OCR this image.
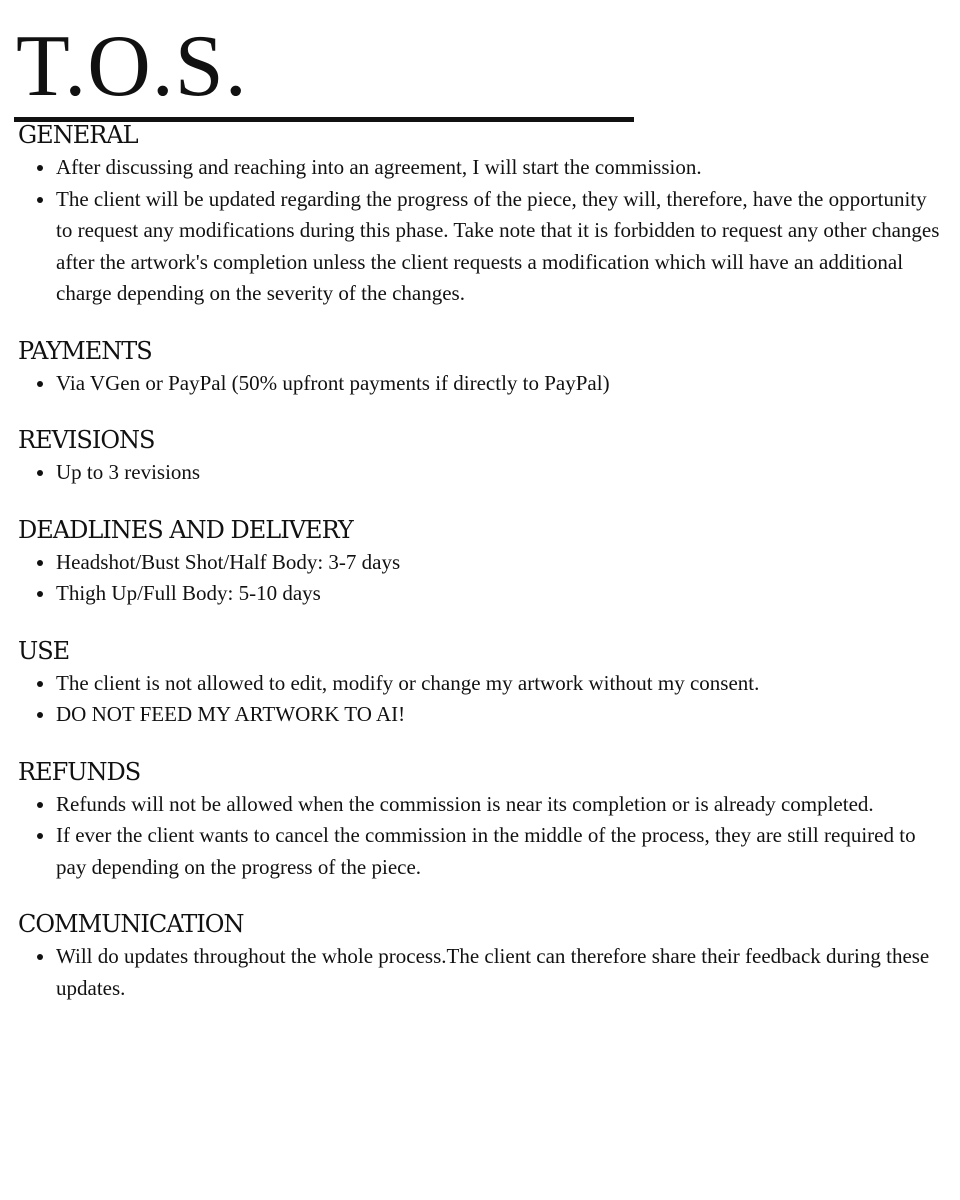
T.O.S.
GENERAL
After discussing and reaching into an agreement, I will start the commission.
The client will be updated regarding the progress of the piece, they will, therefore, have the opportunity to request any modifications during this phase. Take note that it is forbidden to request any other changes after the artwork's completion unless the client requests a modification which will have an additional charge depending on the severity of the changes.
PAYMENTS
Via VGen or PayPal (50% upfront payments if directly to PayPal)
REVISIONS
Up to 3 revisions
DEADLINES AND DELIVERY
Headshot/Bust Shot/Half Body: 3-7 days
Thigh Up/Full Body: 5-10 days
USE
The client is not allowed to edit, modify or change my artwork without my consent.
DO NOT FEED MY ARTWORK TO AI!
REFUNDS
Refunds will not be allowed when the commission is near its completion or is already completed.
If ever the client wants to cancel the commission in the middle of the process, they are still required to pay depending on the progress of the piece.
COMMUNICATION
Will do updates throughout the whole process.The client can therefore share their feedback during these updates.
